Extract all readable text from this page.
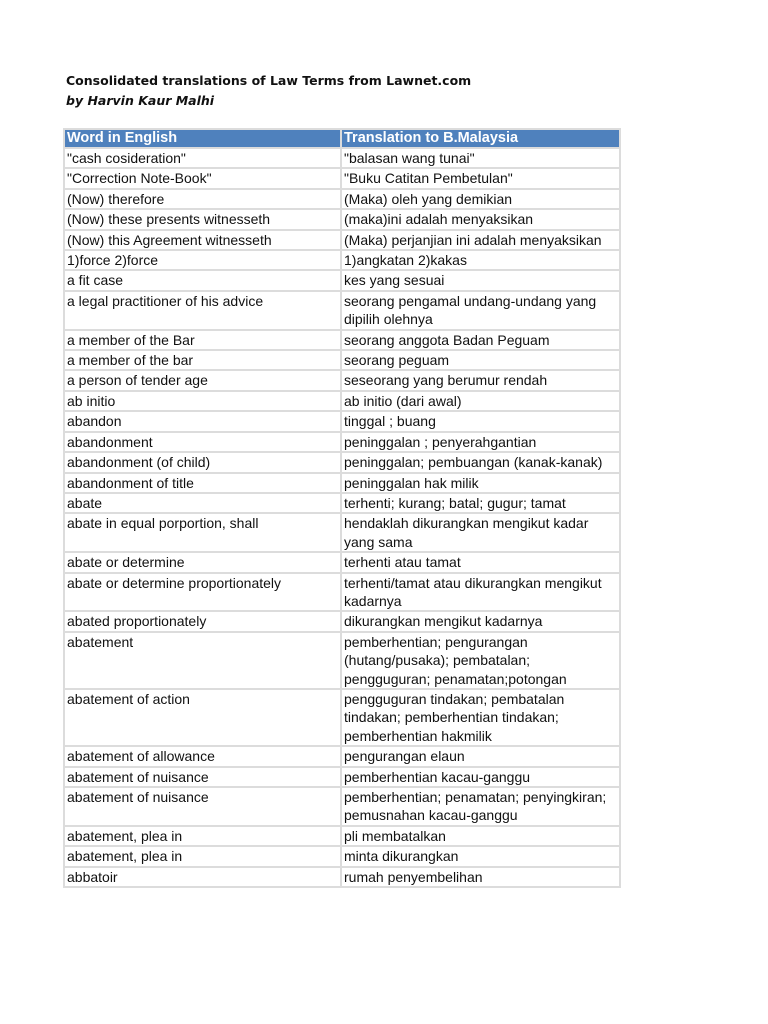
Consolidated translations of Law Terms from Lawnet.com

by Harvin Kaur Malhi

Word in English	Translation to B.Malaysia
"cash cosideration"	"balasan wang tunai"
"Correction Note-Book"	"Buku Catitan Pembetulan"
(Now) therefore	(Maka) oleh yang demikian
(Now) these presents witnesseth	(maka)ini adalah menyaksikan
(Now) this Agreement witnesseth	(Maka) perjanjian ini adalah menyaksikan
1)force 2)force	1)angkatan 2)kakas
a fit case	kes yang sesuai
a legal practitioner of his advice	seorang pengamal undang-undang yang dipilih olehnya
a member of the Bar	seorang anggota Badan Peguam
a member of the bar	seorang peguam
a person of tender age	seseorang yang berumur rendah
ab initio	ab initio (dari awal)
abandon	tinggal ; buang
abandonment	peninggalan ; penyerahgantian
abandonment (of child)	peninggalan; pembuangan (kanak-kanak)
abandonment of title	peninggalan hak milik
abate	terhenti; kurang; batal; gugur; tamat
abate in equal porportion, shall	hendaklah dikurangkan mengikut kadar yang sama
abate or determine	terhenti atau tamat
abate or determine proportionately	terhenti/tamat atau dikurangkan mengikut kadarnya
abated proportionately	dikurangkan mengikut kadarnya
abatement	pemberhentian; pengurangan (hutang/pusaka); pembatalan; pengguguran; penamatan;potongan
abatement of action	pengguguran tindakan; pembatalan tindakan; pemberhentian tindakan; pemberhentian hakmilik
abatement of allowance	pengurangan elaun
abatement of nuisance	pemberhentian kacau-ganggu
abatement of nuisance	pemberhentian; penamatan; penyingkiran; pemusnahan kacau-ganggu
abatement, plea in	pli membatalkan
abatement, plea in	minta dikurangkan
abbatoir	rumah penyembelihan
